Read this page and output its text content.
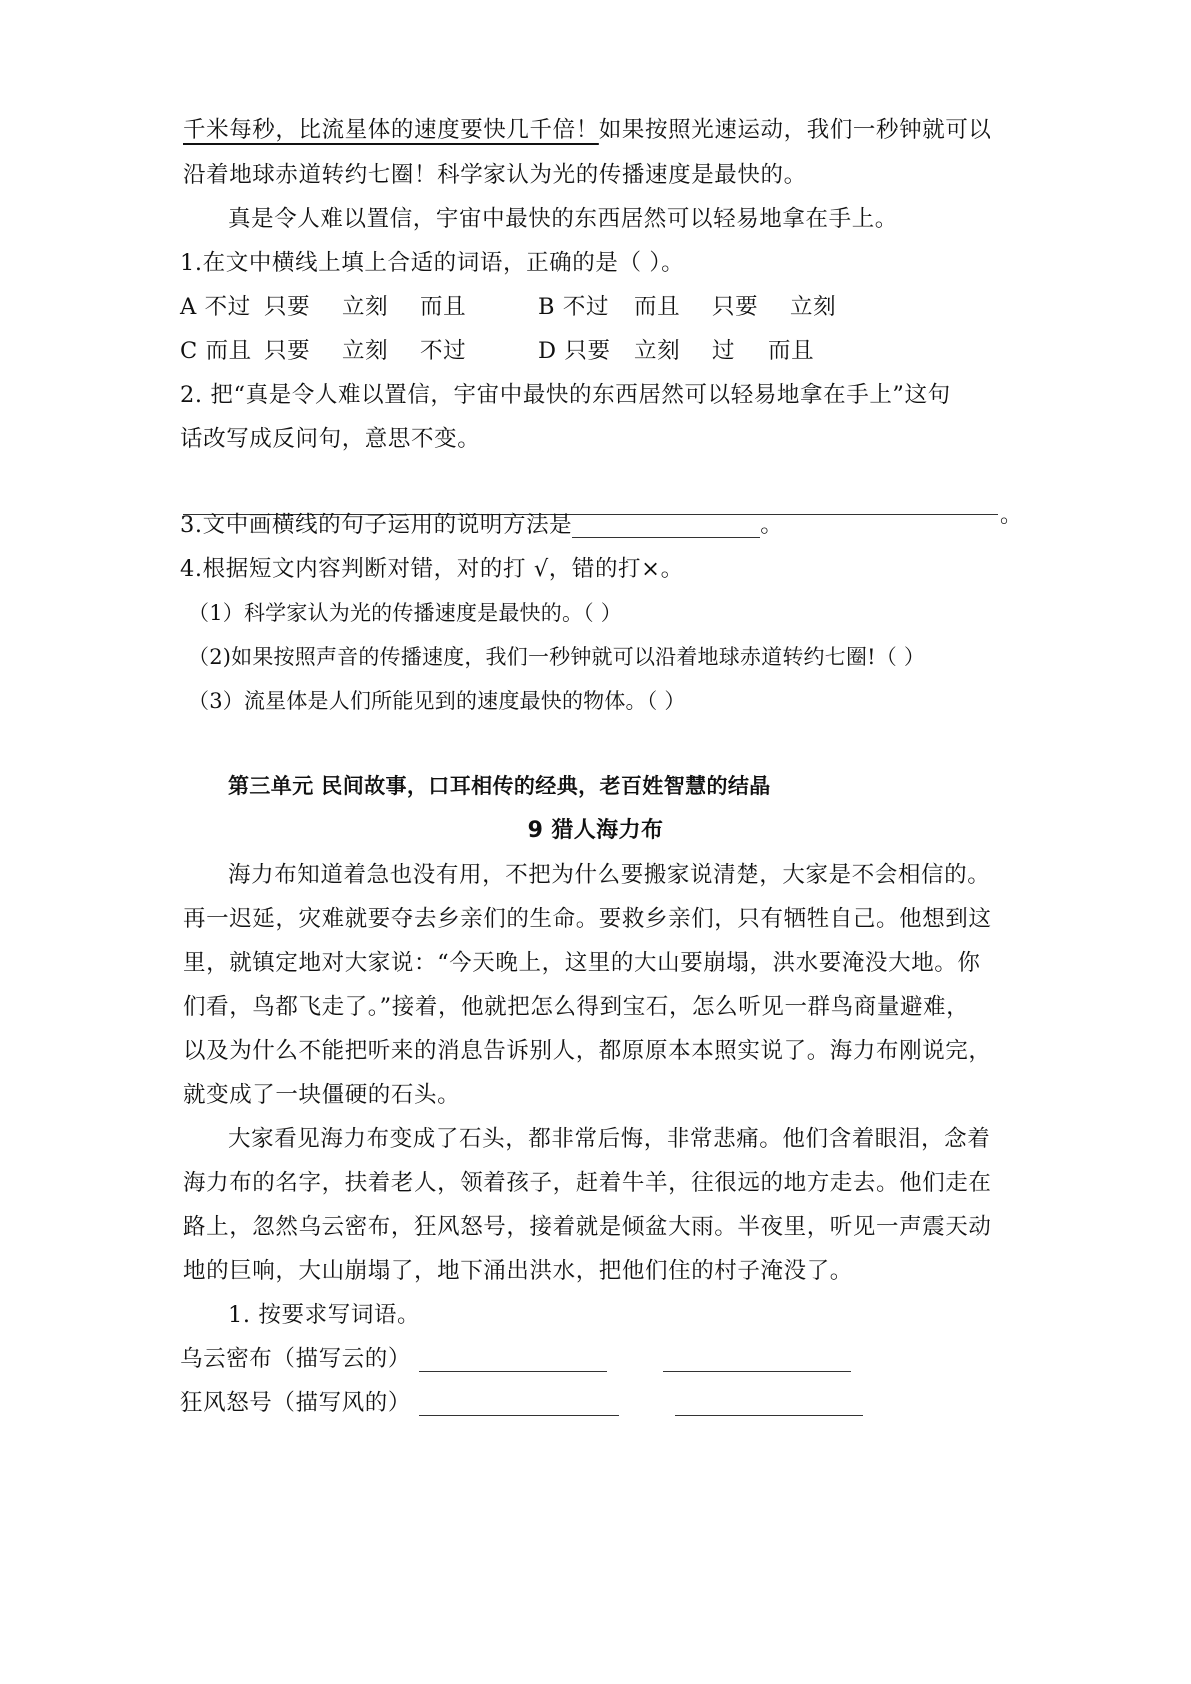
千米每秒，比流星体的速度要快几千倍！如果按照光速运动，我们一秒钟就可以
沿着地球赤道转约七圈！科学家认为光的传播速度是最快的。
真是令人难以置信，宇宙中最快的东西居然可以轻易地拿在手上。
1.在文中横线上填上合适的词语，正确的是（ ）。
A 不过 只要 立刻 而且	B 不过 而且 只要 立刻
C 而且 只要 立刻 不过	D 只要 立刻 过 而且
2. 把“真是令人难以置信，宇宙中最快的东西居然可以轻易地拿在手上”这句
话改写成反问句，意思不变。
。
3.文中画横线的句子运用的说明方法是	。
4.根据短文内容判断对错，对的打 √，错的打×。
（1）科学家认为光的传播速度是最快的。（ ）
（2)如果按照声音的传播速度，我们一秒钟就可以沿着地球赤道转约七圈!（ ）
（3）流星体是人们所能见到的速度最快的物体。（ ）
第三单元 民间故事，口耳相传的经典，老百姓智慧的结晶
9 猎人海力布
海力布知道着急也没有用，不把为什么要搬家说清楚，大家是不会相信的。
再一迟延，灾难就要夺去乡亲们的生命。要救乡亲们，只有牺牲自己。他想到这
里，就镇定地对大家说：“今天晚上，这里的大山要崩塌，洪水要淹没大地。你
们看，鸟都飞走了。”接着，他就把怎么得到宝石，怎么听见一群鸟商量避难，
以及为什么不能把听来的消息告诉别人，都原原本本照实说了。海力布刚说完，
就变成了一块僵硬的石头。
大家看见海力布变成了石头，都非常后悔，非常悲痛。他们含着眼泪，念着
海力布的名字，扶着老人，领着孩子，赶着牛羊，往很远的地方走去。他们走在
路上，忽然乌云密布，狂风怒号，接着就是倾盆大雨。半夜里，听见一声震天动
地的巨响，大山崩塌了，地下涌出洪水，把他们住的村子淹没了。
1. 按要求写词语。
乌云密布（描写云的）
狂风怒号（描写风的）
